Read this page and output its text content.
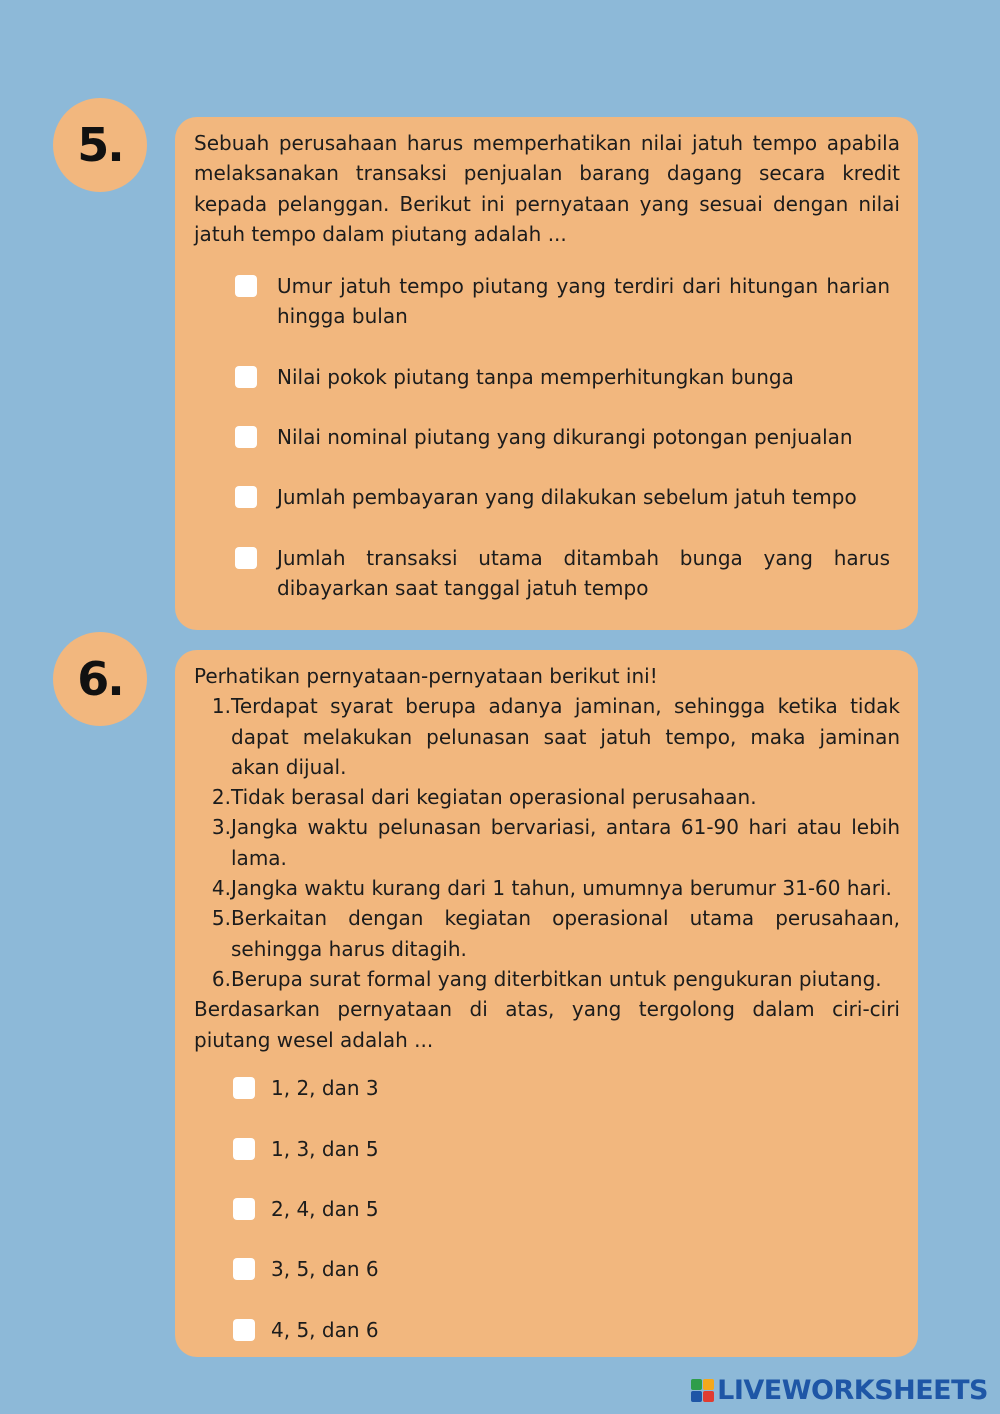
5.	Sebuah perusahaan harus memperhatikan nilai jatuh tempo apabila melaksanakan transaksi penjualan barang dagang secara kredit kepada pelanggan. Berikut ini pernyataan yang sesuai dengan nilai jatuh tempo dalam piutang adalah ...

Umur jatuh tempo piutang yang terdiri dari hitungan harian hingga bulan
Nilai pokok piutang tanpa memperhitungkan bunga
Nilai nominal piutang yang dikurangi potongan penjualan
Jumlah pembayaran yang dilakukan sebelum jatuh tempo
Jumlah transaksi utama ditambah bunga yang harus dibayarkan saat tanggal jatuh tempo
6.	Perhatikan pernyataan-pernyataan berikut ini!

1. Terdapat syarat berupa adanya jaminan, sehingga ketika tidak dapat melakukan pelunasan saat jatuh tempo, maka jaminan akan dijual.
2. Tidak berasal dari kegiatan operasional perusahaan.
3. Jangka waktu pelunasan bervariasi, antara 61-90 hari atau lebih lama.
4. Jangka waktu kurang dari 1 tahun, umumnya berumur 31-60 hari.
5. Berkaitan dengan kegiatan operasional utama perusahaan, sehingga harus ditagih.
6. Berupa surat formal yang diterbitkan untuk pengukuran piutang.

Berdasarkan pernyataan di atas, yang tergolong dalam ciri-ciri piutang wesel adalah ...

1, 2, dan 3
1, 3, dan 5
2, 4, dan 5
3, 5, dan 6
4, 5, dan 6
LIVEWORKSHEETS
